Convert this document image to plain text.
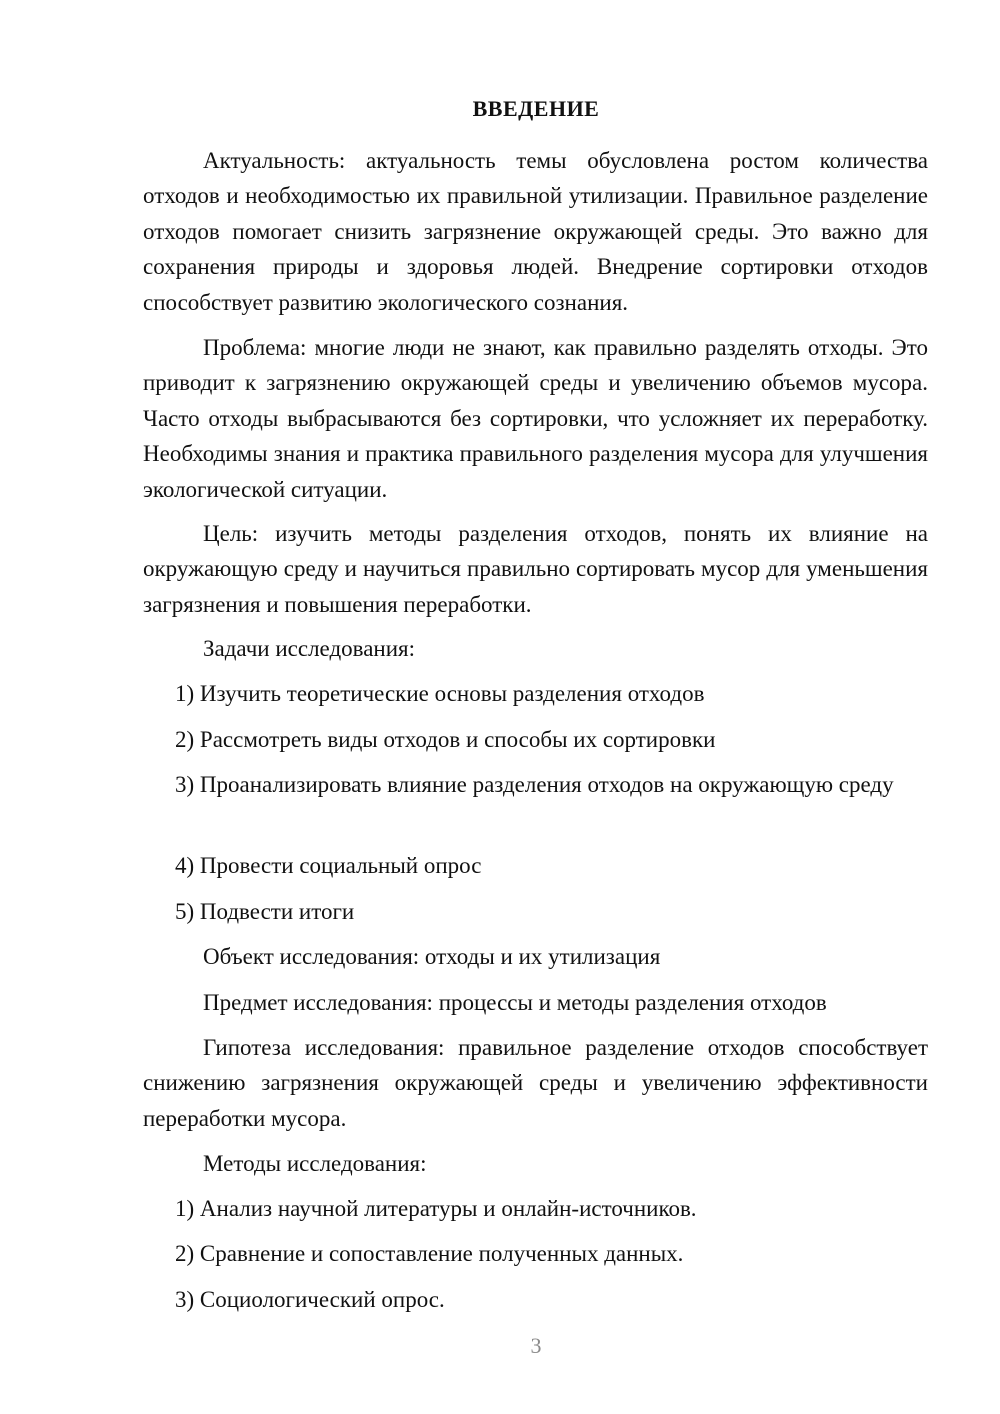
ВВЕДЕНИЕ

Актуальность: актуальность темы обусловлена ростом количества отходов и необходимостью их правильной утилизации. Правильное разделение отходов помогает снизить загрязнение окружающей среды. Это важно для сохранения природы и здоровья людей. Внедрение сортировки отходов способствует развитию экологического сознания.

Проблема: многие люди не знают, как правильно разделять отходы. Это приводит к загрязнению окружающей среды и увеличению объемов мусора. Часто отходы выбрасываются без сортировки, что усложняет их переработку. Необходимы знания и практика правильного разделения мусора для улучшения экологической ситуации.

Цель: изучить методы разделения отходов, понять их влияние на окружающую среду и научиться правильно сортировать мусор для уменьшения загрязнения и повышения переработки.

Задачи исследования:

1) Изучить теоретические основы разделения отходов

2) Рассмотреть виды отходов и способы их сортировки

3) Проанализировать влияние разделения отходов на окружающую среду

4) Провести социальный опрос

5) Подвести итоги

Объект исследования: отходы и их утилизация

Предмет исследования: процессы и методы разделения отходов

Гипотеза исследования: правильное разделение отходов способствует снижению загрязнения окружающей среды и увеличению эффективности переработки мусора.

Методы исследования:

1) Анализ научной литературы и онлайн-источников.

2) Сравнение и сопоставление полученных данных.

3) Социологический опрос.

3
